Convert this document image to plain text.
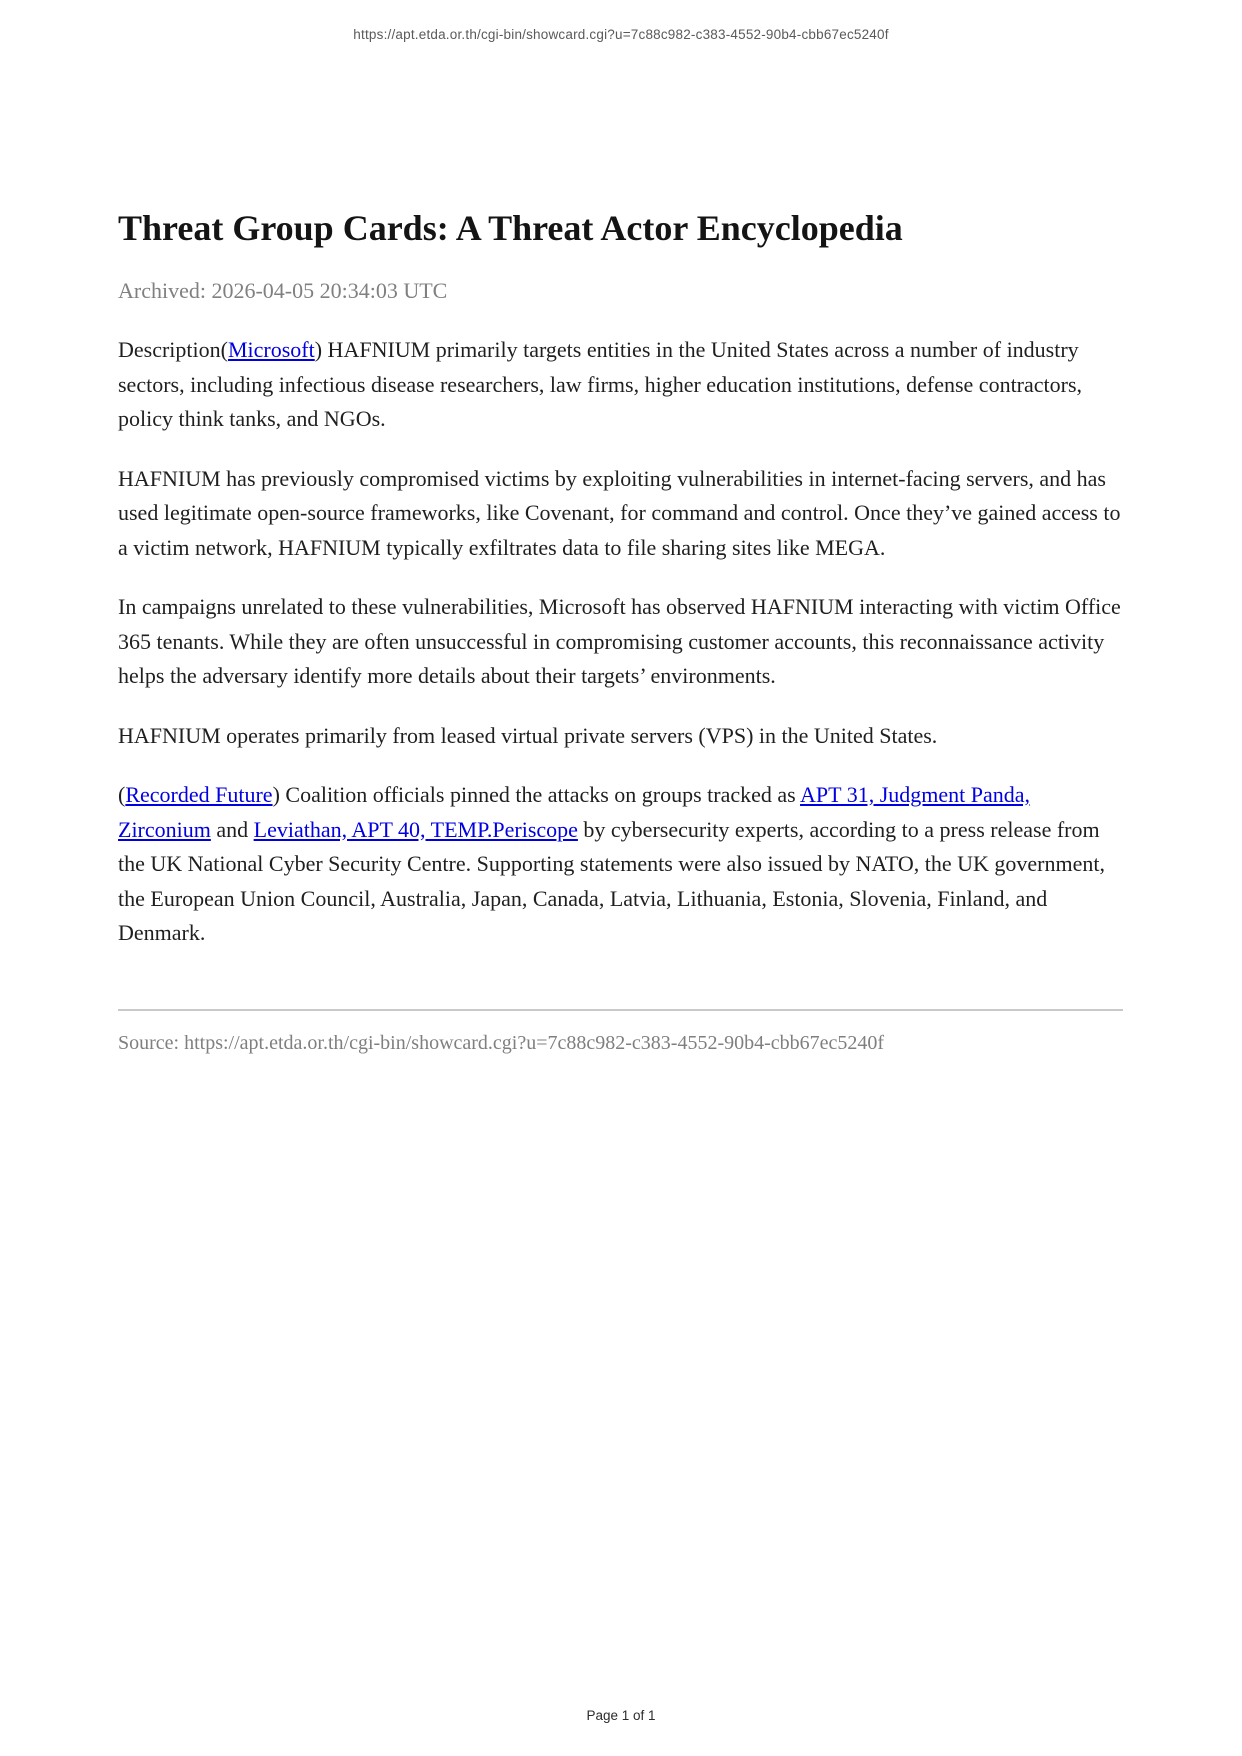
https://apt.etda.or.th/cgi-bin/showcard.cgi?u=7c88c982-c383-4552-90b4-cbb67ec5240f
Threat Group Cards: A Threat Actor Encyclopedia

Archived: 2026-04-05 20:34:03 UTC

Description(Microsoft) HAFNIUM primarily targets entities in the United States across a number of industry sectors, including infectious disease researchers, law firms, higher education institutions, defense contractors, policy think tanks, and NGOs.

HAFNIUM has previously compromised victims by exploiting vulnerabilities in internet-facing servers, and has used legitimate open-source frameworks, like Covenant, for command and control. Once they’ve gained access to a victim network, HAFNIUM typically exfiltrates data to file sharing sites like MEGA.

In campaigns unrelated to these vulnerabilities, Microsoft has observed HAFNIUM interacting with victim Office 365 tenants. While they are often unsuccessful in compromising customer accounts, this reconnaissance activity helps the adversary identify more details about their targets’ environments.

HAFNIUM operates primarily from leased virtual private servers (VPS) in the United States.

(Recorded Future) Coalition officials pinned the attacks on groups tracked as APT 31, Judgment Panda, Zirconium and Leviathan, APT 40, TEMP.Periscope by cybersecurity experts, according to a press release from the UK National Cyber Security Centre. Supporting statements were also issued by NATO, the UK government, the European Union Council, Australia, Japan, Canada, Latvia, Lithuania, Estonia, Slovenia, Finland, and Denmark.

Source: https://apt.etda.or.th/cgi-bin/showcard.cgi?u=7c88c982-c383-4552-90b4-cbb67ec5240f

Page 1 of 1
